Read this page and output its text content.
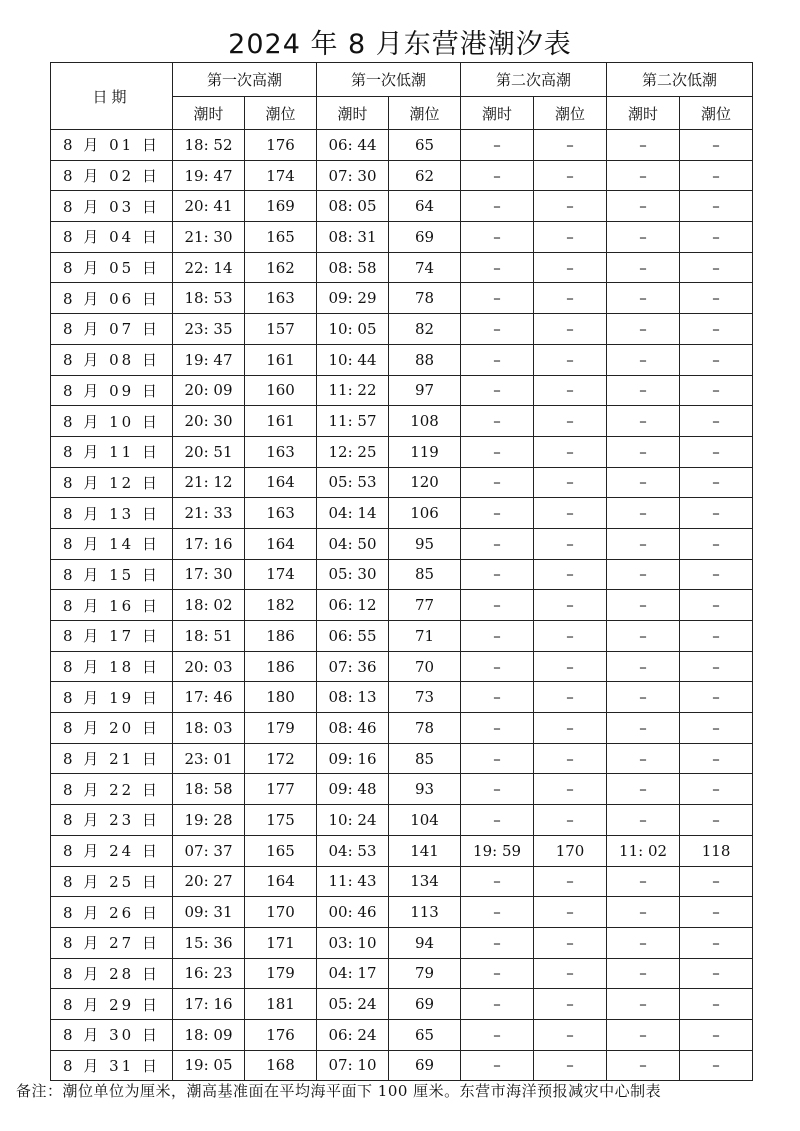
2024 年 8 月东营港潮汐表
日期	第一次高潮		第一次低潮		第二次高潮		第二次低潮	
	潮时	潮位	潮时	潮位	潮时	潮位	潮时	潮位
8 月 01 日	18: 52	176	06: 44	65	–	–	–	–
8 月 02 日	19: 47	174	07: 30	62	–	–	–	–
8 月 03 日	20: 41	169	08: 05	64	–	–	–	–
8 月 04 日	21: 30	165	08: 31	69	–	–	–	–
8 月 05 日	22: 14	162	08: 58	74	–	–	–	–
8 月 06 日	18: 53	163	09: 29	78	–	–	–	–
8 月 07 日	23: 35	157	10: 05	82	–	–	–	–
8 月 08 日	19: 47	161	10: 44	88	–	–	–	–
8 月 09 日	20: 09	160	11: 22	97	–	–	–	–
8 月 10 日	20: 30	161	11: 57	108	–	–	–	–
8 月 11 日	20: 51	163	12: 25	119	–	–	–	–
8 月 12 日	21: 12	164	05: 53	120	–	–	–	–
8 月 13 日	21: 33	163	04: 14	106	–	–	–	–
8 月 14 日	17: 16	164	04: 50	95	–	–	–	–
8 月 15 日	17: 30	174	05: 30	85	–	–	–	–
8 月 16 日	18: 02	182	06: 12	77	–	–	–	–
8 月 17 日	18: 51	186	06: 55	71	–	–	–	–
8 月 18 日	20: 03	186	07: 36	70	–	–	–	–
8 月 19 日	17: 46	180	08: 13	73	–	–	–	–
8 月 20 日	18: 03	179	08: 46	78	–	–	–	–
8 月 21 日	23: 01	172	09: 16	85	–	–	–	–
8 月 22 日	18: 58	177	09: 48	93	–	–	–	–
8 月 23 日	19: 28	175	10: 24	104	–	–	–	–
8 月 24 日	07: 37	165	04: 53	141	19: 59	170	11: 02	118
8 月 25 日	20: 27	164	11: 43	134	–	–	–	–
8 月 26 日	09: 31	170	00: 46	113	–	–	–	–
8 月 27 日	15: 36	171	03: 10	94	–	–	–	–
8 月 28 日	16: 23	179	04: 17	79	–	–	–	–
8 月 29 日	17: 16	181	05: 24	69	–	–	–	–
8 月 30 日	18: 09	176	06: 24	65	–	–	–	–
8 月 31 日	19: 05	168	07: 10	69	–	–	–	–
备注：潮位单位为厘米，潮高基准面在平均海平面下 100 厘米。东营市海洋预报减灾中心制表
